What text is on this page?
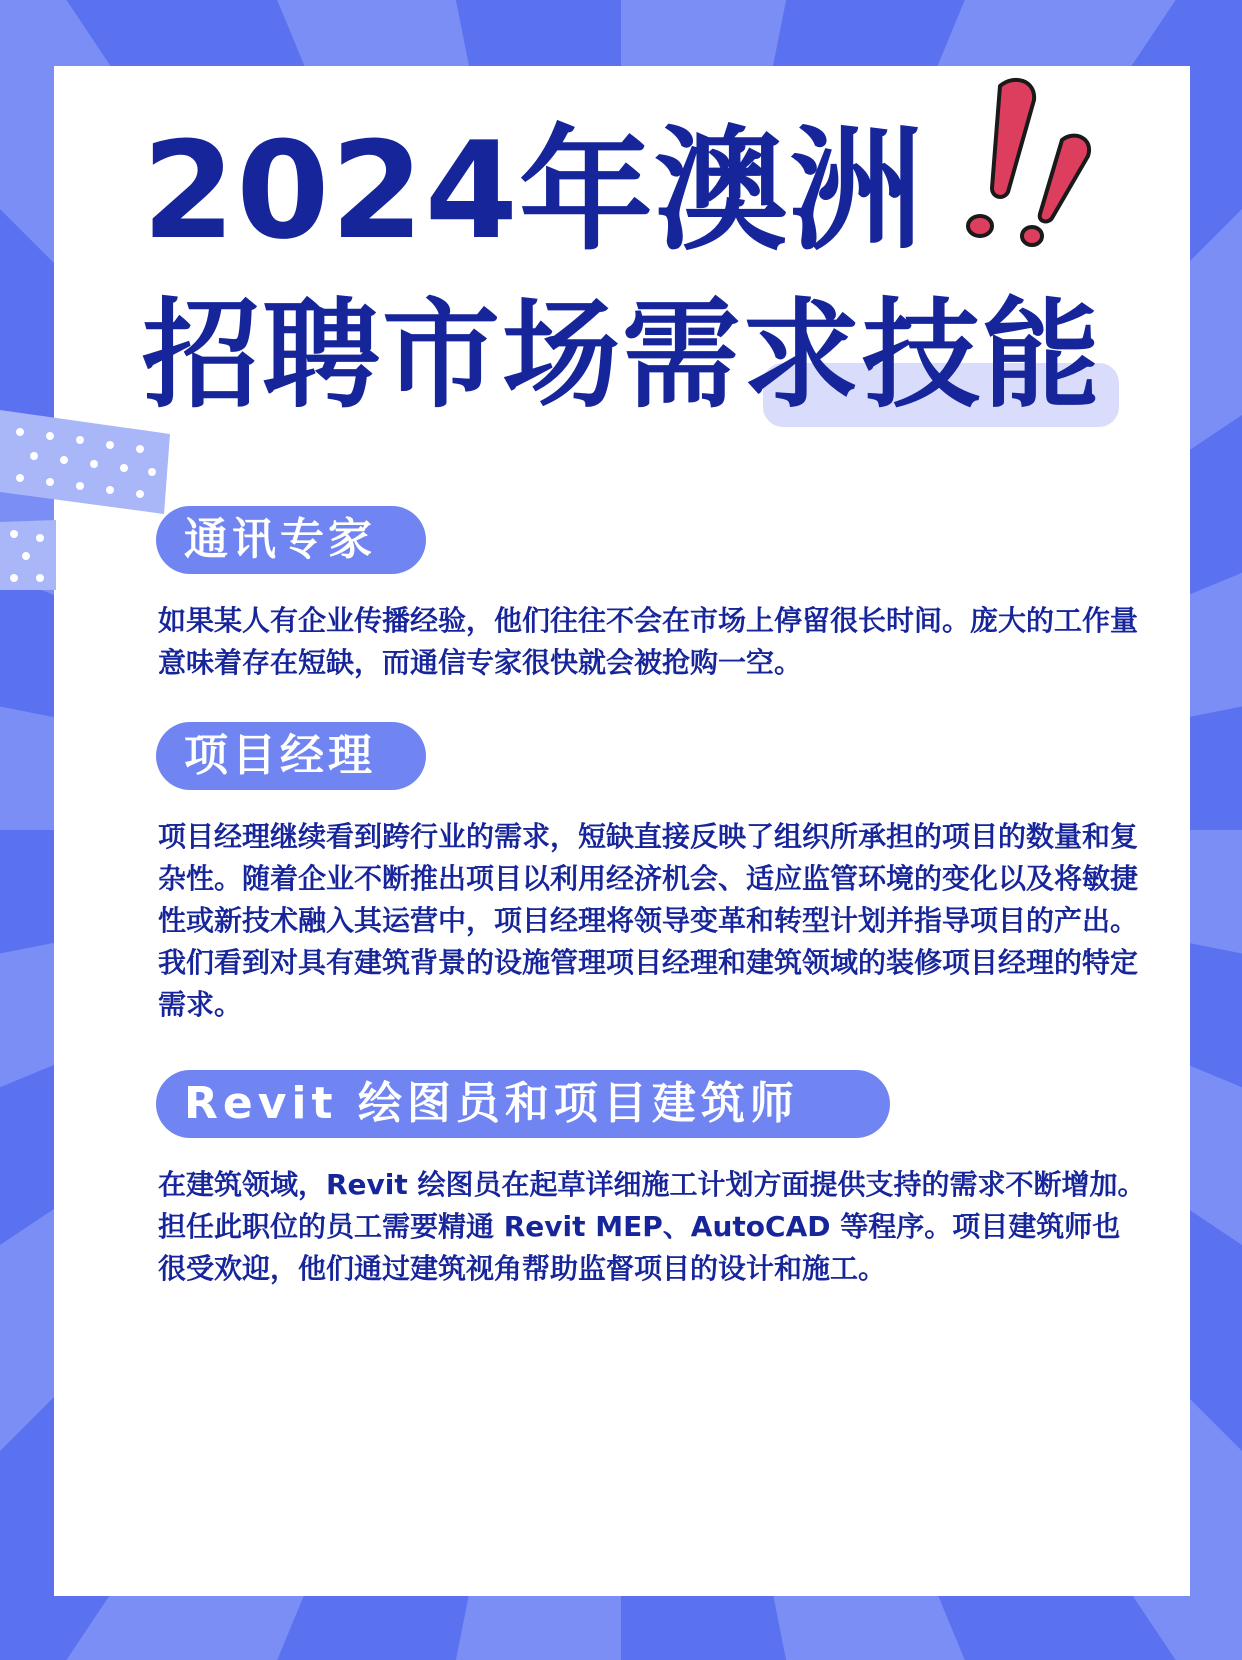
2024年澳洲
招聘市场需求技能
通讯专家

如果某人有企业传播经验，他们往往不会在市场上停留很长时间。庞大的工作量意味着存在短缺，而通信专家很快就会被抢购一空。

项目经理

项目经理继续看到跨行业的需求，短缺直接反映了组织所承担的项目的数量和复杂性。随着企业不断推出项目以利用经济机会、适应监管环境的变化以及将敏捷性或新技术融入其运营中，项目经理将领导变革和转型计划并指导项目的产出。我们看到对具有建筑背景的设施管理项目经理和建筑领域的装修项目经理的特定需求。

Revit 绘图员和项目建筑师

在建筑领域，Revit 绘图员在起草详细施工计划方面提供支持的需求不断增加。担任此职位的员工需要精通 Revit MEP、AutoCAD 等程序。项目建筑师也很受欢迎，他们通过建筑视角帮助监督项目的设计和施工。
